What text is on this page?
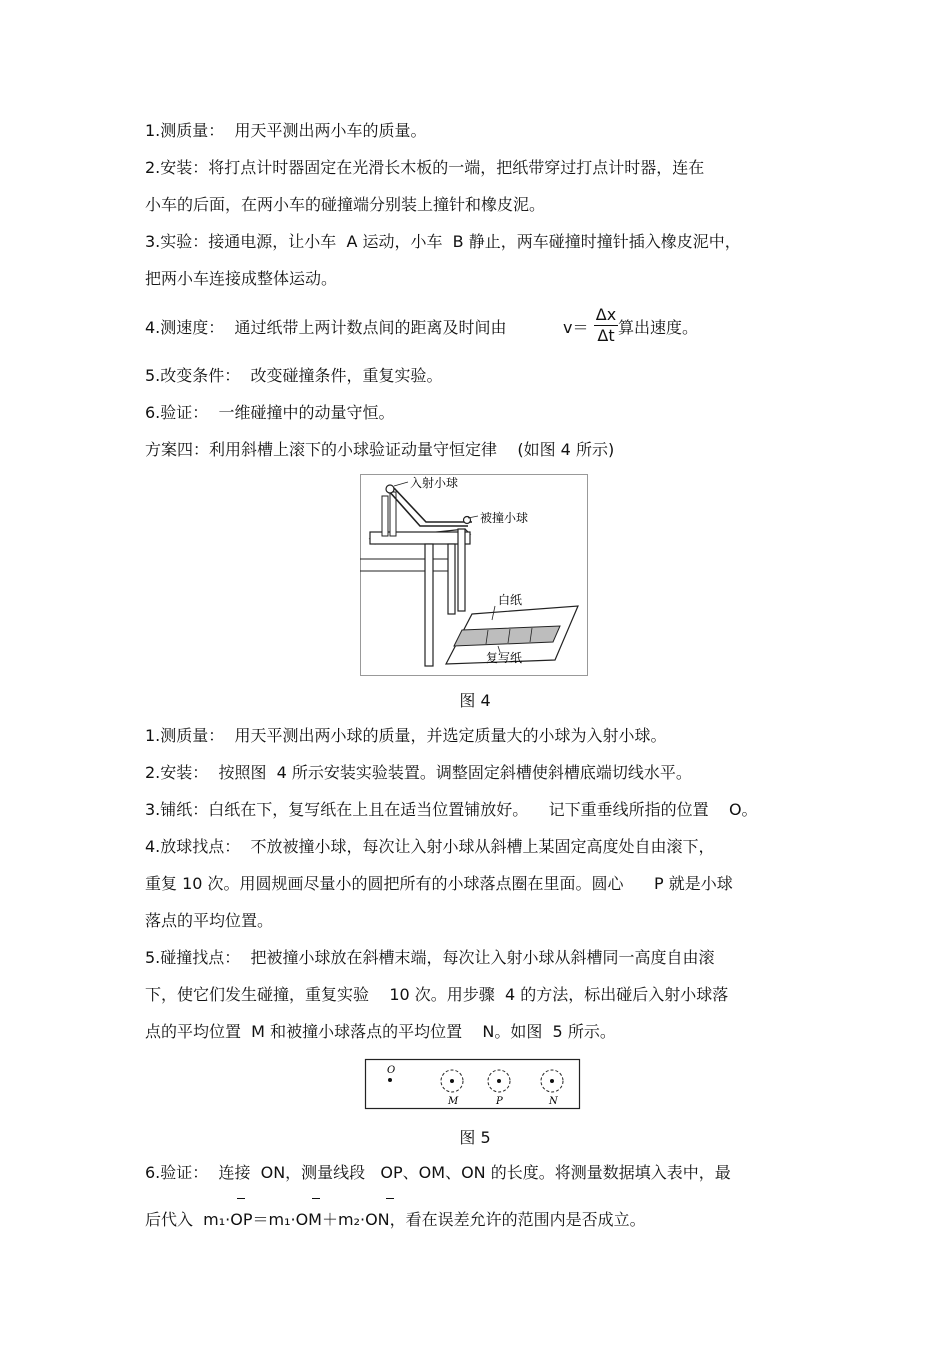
1.测质量：  用天平测出两小车的质量。
2.安装：将打点计时器固定在光滑长木板的一端，把纸带穿过打点计时器，连在
小车的后面，在两小车的碰撞端分别装上撞针和橡皮泥。
3.实验：接通电源，让小车  A 运动，小车  B 静止，两车碰撞时撞针插入橡皮泥中，
把两小车连接成整体运动。
4.测速度：  通过纸带上两计数点间的距离及时间由	v＝
Δx
Δt 算出速度。
5.改变条件：  改变碰撞条件，重复实验。
6.验证：  一维碰撞中的动量守恒。
方案四：利用斜槽上滚下的小球验证动量守恒定律    (如图 4 所示)
入射小球
被撞小球
白纸
复写纸
图 4
1.测质量：  用天平测出两小球的质量，并选定质量大的小球为入射小球。
2.安装：  按照图  4 所示安装实验装置。调整固定斜槽使斜槽底端切线水平。
3.铺纸：白纸在下，复写纸在上且在适当位置铺放好。    记下重垂线所指的位置    O。
4.放球找点：  不放被撞小球，每次让入射小球从斜槽上某固定高度处自由滚下，
重复 10 次。用圆规画尽量小的圆把所有的小球落点圈在里面。圆心      P 就是小球
落点的平均位置。
5.碰撞找点：  把被撞小球放在斜槽末端，每次让入射小球从斜槽同一高度自由滚
下，使它们发生碰撞，重复实验    10 次。用步骤  4 的方法，标出碰后入射小球落
点的平均位置  M 和被撞小球落点的平均位置    N。如图  5 所示。
O
M	P	N
图 5
6.验证：  连接  ON，测量线段   OP、OM、ON 的长度。将测量数据填入表中，最
后代入  m₁·OP＝m₁·OM＋m₂·ON，看在误差允许的范围内是否成立。
